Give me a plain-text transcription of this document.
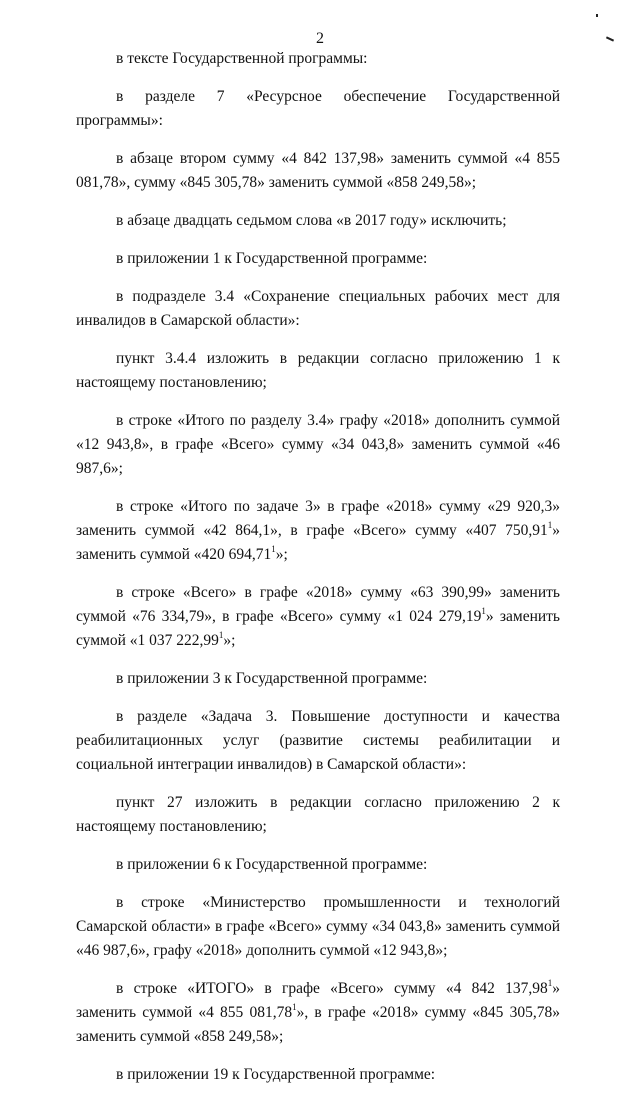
2

в тексте Государственной программы:

в разделе 7 «Ресурсное обеспечение Государственной программы»:

в абзаце втором сумму «4 842 137,98» заменить суммой «4 855 081,78», сумму «845 305,78» заменить суммой «858 249,58»;

в абзаце двадцать седьмом слова «в 2017 году» исключить;

в приложении 1 к Государственной программе:

в подразделе 3.4 «Сохранение специальных рабочих мест для инвалидов в Самарской области»:

пункт 3.4.4 изложить в редакции согласно приложению 1 к настоящему постановлению;

в строке «Итого по разделу 3.4» графу «2018» дополнить суммой «12 943,8», в графе «Всего» сумму «34 043,8» заменить суммой «46 987,6»;

в строке «Итого по задаче 3» в графе «2018» сумму «29 920,3» заменить суммой «42 864,1», в графе «Всего» сумму «407 750,91$^1$» заменить суммой «420 694,71$^1$»;

в строке «Всего» в графе «2018» сумму «63 390,99» заменить суммой «76 334,79», в графе «Всего» сумму «1 024 279,19$^1$» заменить суммой «1 037 222,99$^1$»;

в приложении 3 к Государственной программе:

в разделе «Задача 3. Повышение доступности и качества реабилитационных услуг (развитие системы реабилитации и социальной интеграции инвалидов) в Самарской области»:

пункт 27 изложить в редакции согласно приложению 2 к настоящему постановлению;

в приложении 6 к Государственной программе:

в строке «Министерство промышленности и технологий Самарской области» в графе «Всего» сумму «34 043,8» заменить суммой «46 987,6», графу «2018» дополнить суммой «12 943,8»;

в строке «ИТОГО» в графе «Всего» сумму «4 842 137,98$^1$» заменить суммой «4 855 081,78$^1$», в графе «2018» сумму «845 305,78» заменить суммой «858 249,58»;

в приложении 19 к Государственной программе:
